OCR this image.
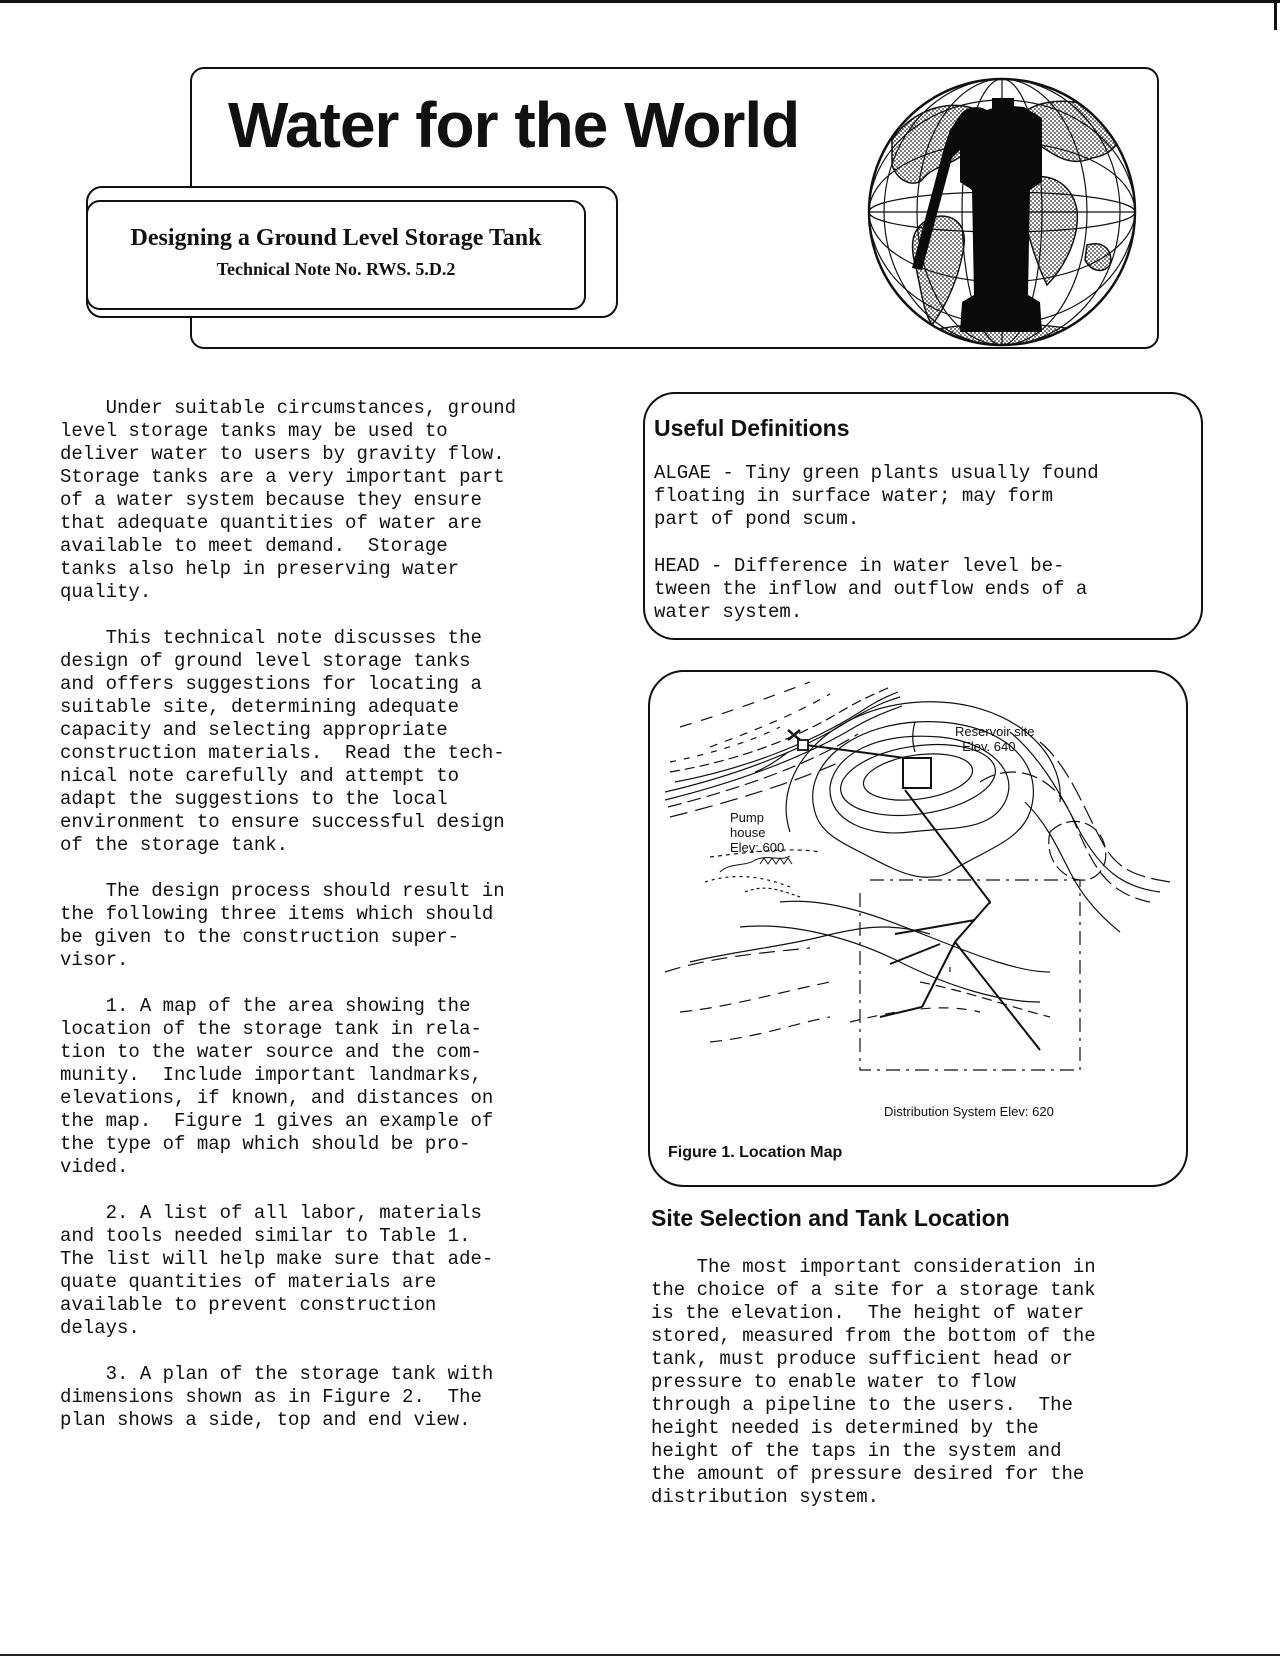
Water for the World
Designing a Ground Level Storage Tank
Technical Note No. RWS. 5.D.2

Under suitable circumstances, ground
level storage tanks may be used to
deliver water to users by gravity flow.
Storage tanks are a very important part
of a water system because they ensure
that adequate quantities of water are
available to meet demand.  Storage
tanks also help in preserving water
quality.

This technical note discusses the
design of ground level storage tanks
and offers suggestions for locating a
suitable site, determining adequate
capacity and selecting appropriate
construction materials.  Read the tech-
nical note carefully and attempt to
adapt the suggestions to the local
environment to ensure successful design
of the storage tank.

The design process should result in
the following three items which should
be given to the construction super-
visor.

1. A map of the area showing the
location of the storage tank in rela-
tion to the water source and the com-
munity.  Include important landmarks,
elevations, if known, and distances on
the map.  Figure 1 gives an example of
the type of map which should be pro-
vided.

2. A list of all labor, materials
and tools needed similar to Table 1.
The list will help make sure that ade-
quate quantities of materials are
available to prevent construction
delays.

3. A plan of the storage tank with
dimensions shown as in Figure 2.  The
plan shows a side, top and end view.

Useful Definitions

ALGAE - Tiny green plants usually found
floating in surface water; may form
part of pond scum.

HEAD - Difference in water level be-
tween the inflow and outflow ends of a
water system.

Reservoir site
Elev. 640

Pump
house
Elev: 600

Distribution System Elev: 620

Figure 1. Location Map

Site Selection and Tank Location

The most important consideration in
the choice of a site for a storage tank
is the elevation.  The height of water
stored, measured from the bottom of the
tank, must produce sufficient head or
pressure to enable water to flow
through a pipeline to the users.  The
height needed is determined by the
height of the taps in the system and
the amount of pressure desired for the
distribution system.
